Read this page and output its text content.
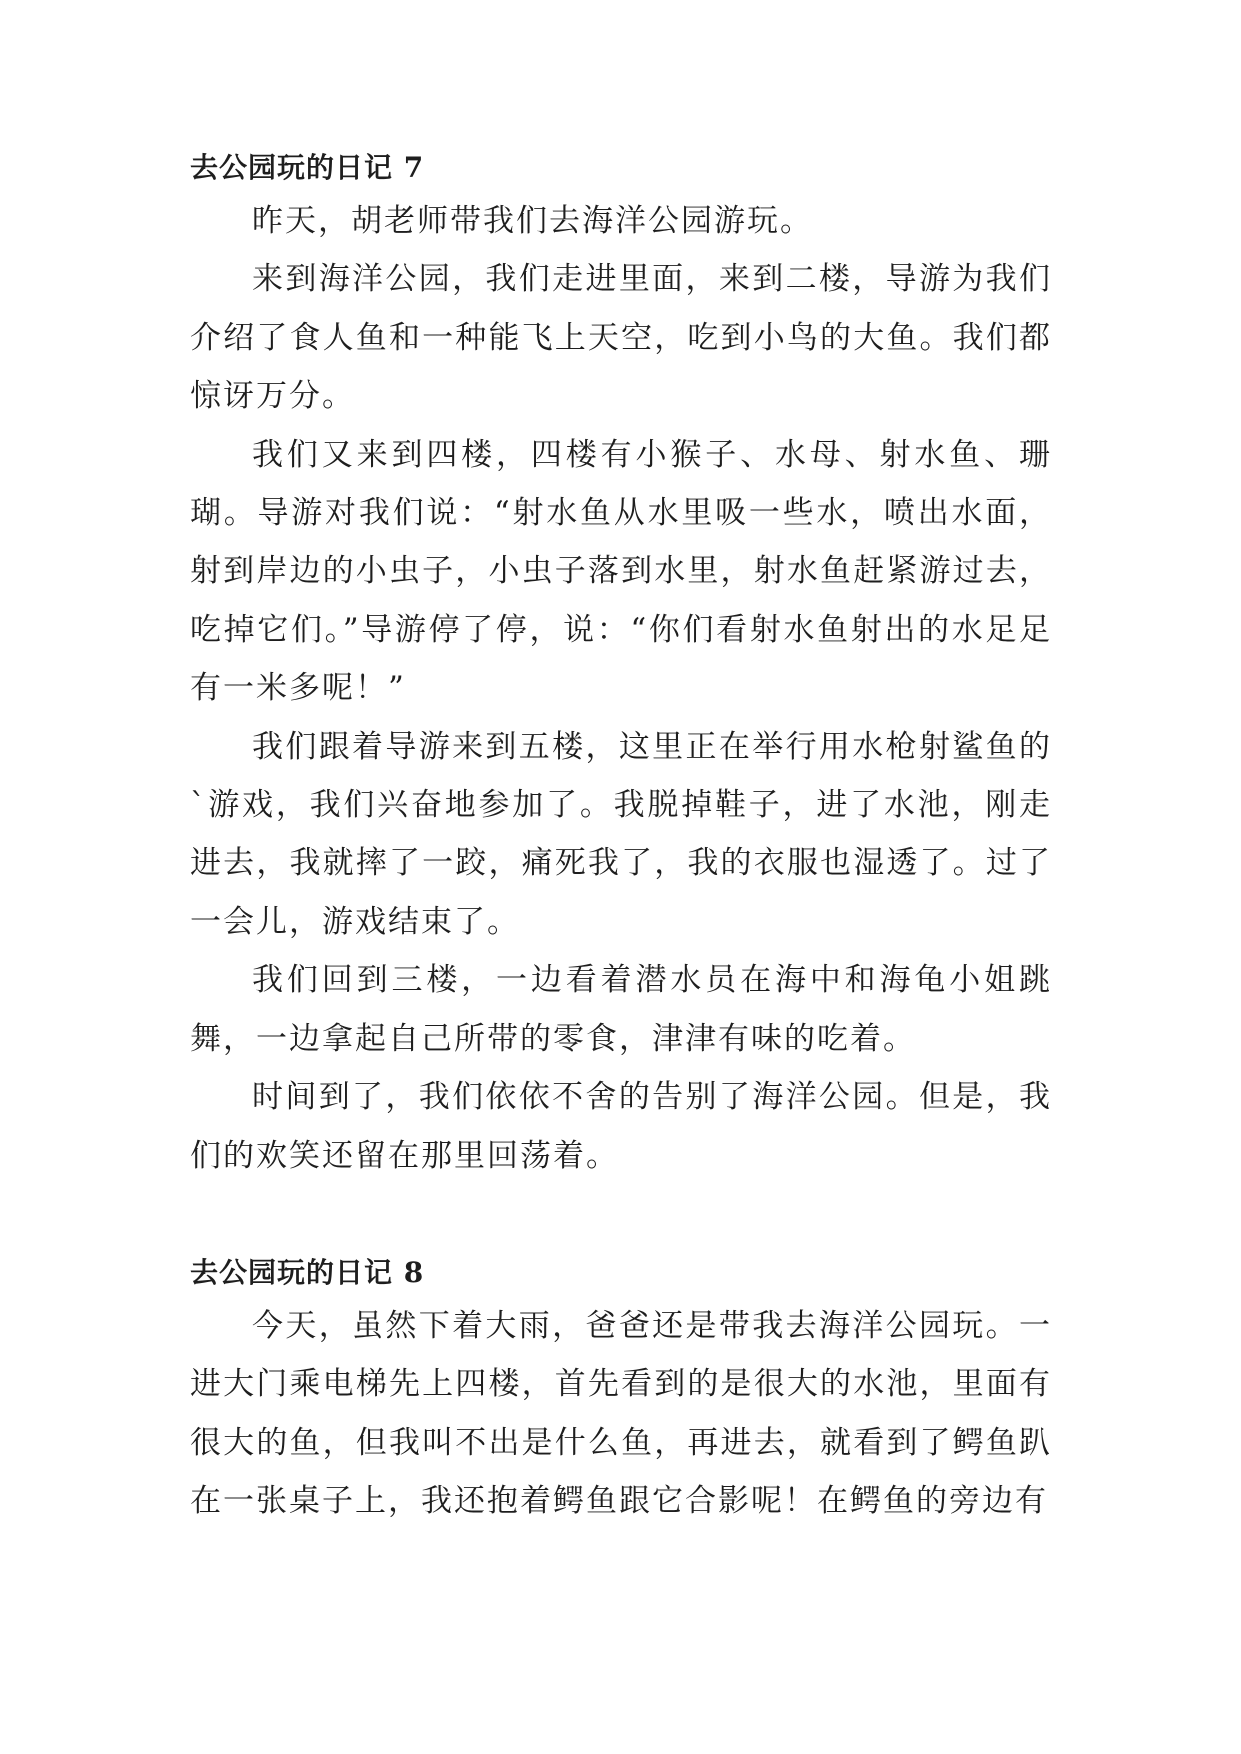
去公园玩的日记 7

昨天，胡老师带我们去海洋公园游玩。

来到海洋公园，我们走进里面，来到二楼，导游为我们介绍了食人鱼和一种能飞上天空，吃到小鸟的大鱼。我们都惊讶万分。

我们又来到四楼，四楼有小猴子、水母、射水鱼、珊瑚。导游对我们说：“射水鱼从水里吸一些水，喷出水面，射到岸边的小虫子，小虫子落到水里，射水鱼赶紧游过去，吃掉它们。”导游停了停，说：“你们看射水鱼射出的水足足有一米多呢！”

我们跟着导游来到五楼，这里正在举行用水枪射鲨鱼的`游戏，我们兴奋地参加了。我脱掉鞋子，进了水池，刚走进去，我就摔了一跤，痛死我了，我的衣服也湿透了。过了一会儿，游戏结束了。

我们回到三楼，一边看着潜水员在海中和海龟小姐跳舞，一边拿起自己所带的零食，津津有味的吃着。

时间到了，我们依依不舍的告别了海洋公园。但是，我们的欢笑还留在那里回荡着。

去公园玩的日记 8

今天，虽然下着大雨，爸爸还是带我去海洋公园玩。一进大门乘电梯先上四楼，首先看到的是很大的水池，里面有很大的鱼，但我叫不出是什么鱼，再进去，就看到了鳄鱼趴在一张桌子上，我还抱着鳄鱼跟它合影呢！在鳄鱼的旁边有
